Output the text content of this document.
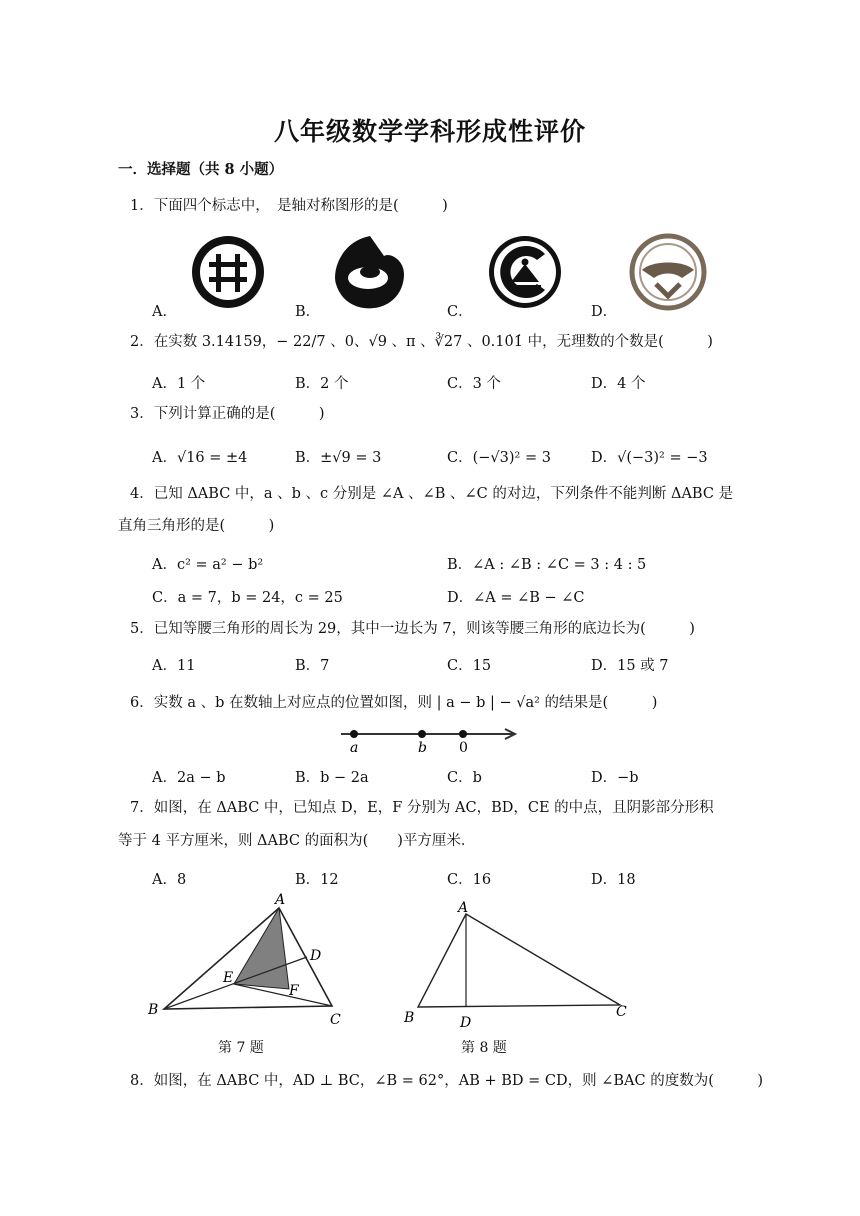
八年级数学学科形成性评价
一．选择题（共 8 小题）
1．下面四个标志中，　是轴对称图形的是(　　　)
A．	B．	C．	D．
2．在实数 3.14159，− 22/7 、0、√9 、π 、∛27 、0.10̇1̇ 中，无理数的个数是(　　　)
A．1 个	B．2 个	C．3 个	D．4 个
3．下列计算正确的是(　　　)
A．√16 = ±4	B．±√9 = 3	C．(−√3)² = 3	D．√(−3)² = −3
4．已知 ΔABC 中，a 、b 、c 分别是 ∠A 、∠B 、∠C 的对边，下列条件不能判断 ΔABC 是
直角三角形的是(　　　)
A．c² = a² − b²	B．∠A : ∠B : ∠C = 3 : 4 : 5
C．a = 7，b = 24，c = 25	D．∠A = ∠B − ∠C
5．已知等腰三角形的周长为 29，其中一边长为 7，则该等腰三角形的底边长为(　　　)
A．11	B．7	C．15	D．15 或 7
6．实数 a 、b 在数轴上对应点的位置如图，则 | a − b | − √a² 的结果是(　　　)
a	b 0
A．2a − b	B．b − 2a	C．b	D．−b
7．如图，在 ΔABC 中，已知点 D，E，F 分别为 AC，BD，CE 的中点，且阴影部分形积
等于 4 平方厘米，则 ΔABC 的面积为(　　)平方厘米．
A．8	B．12	C．16	D．18
A
B
C
D
E
F
第 7 题
A
B	C
D
第 8 题
8．如图，在 ΔABC 中，AD ⊥ BC，∠B = 62°，AB + BD = CD，则 ∠BAC 的度数为(　　　)
